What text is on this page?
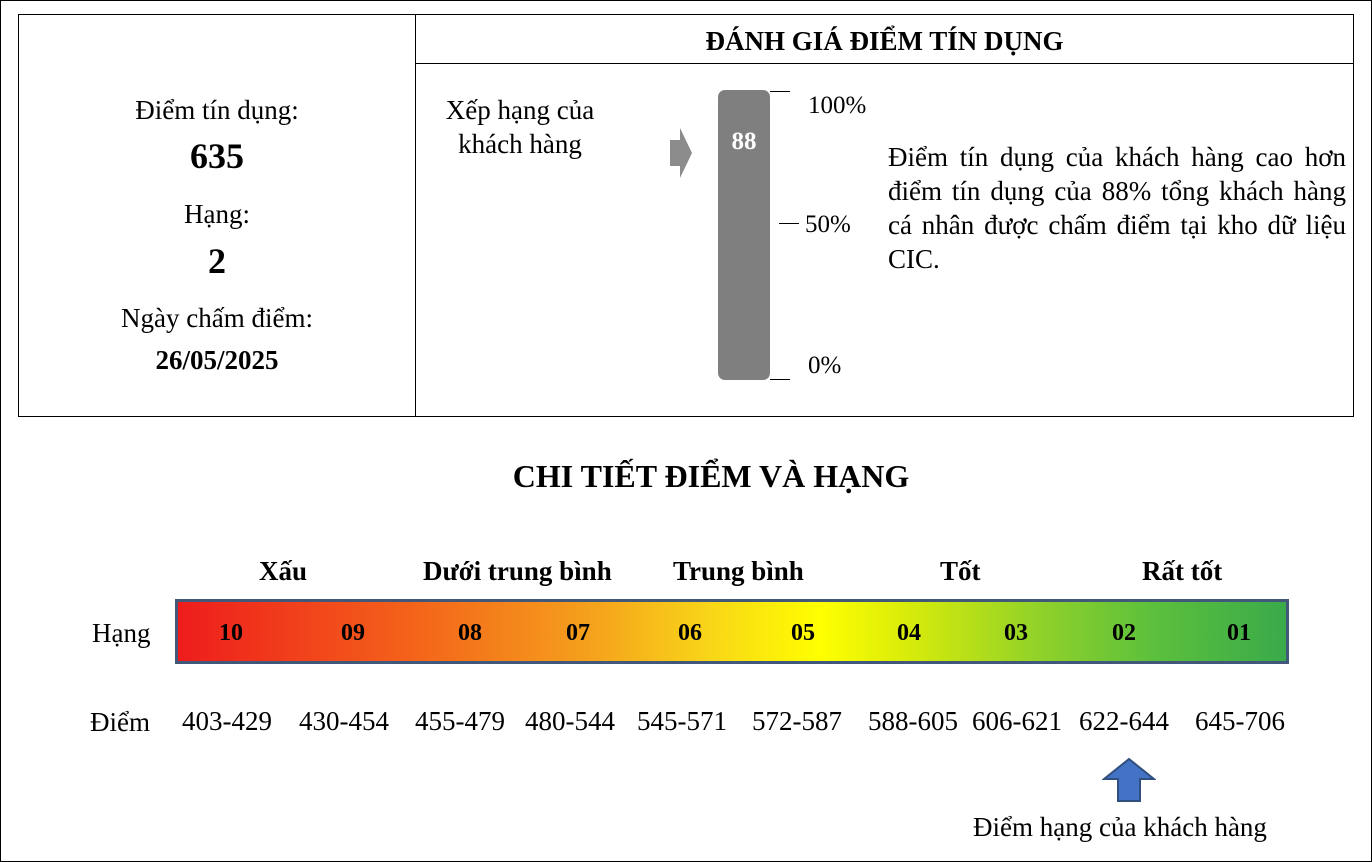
Điểm tín dụng:
635
Hạng:
2
Ngày chấm điểm:
26/05/2025
ĐÁNH GIÁ ĐIỂM TÍN DỤNG
Xếp hạng của
khách hàng	88
100%
50%
0%
Điểm tín dụng của khách hàng cao hơn điểm tín dụng của 88% tổng khách hàng cá nhân được chấm điểm tại kho dữ liệu CIC.
CHI TIẾT ĐIỂM VÀ HẠNG
Xấu	Dưới trung bình Trung bình	Tốt	Rất tốt
Hạng	10	09	08	07	06	05	04	03	02	01
Điểm	403-429	430-454 455-479 480-544 545-571 572-587 588-605 606-621 622-644 645-706
Điểm hạng của khách hàng
